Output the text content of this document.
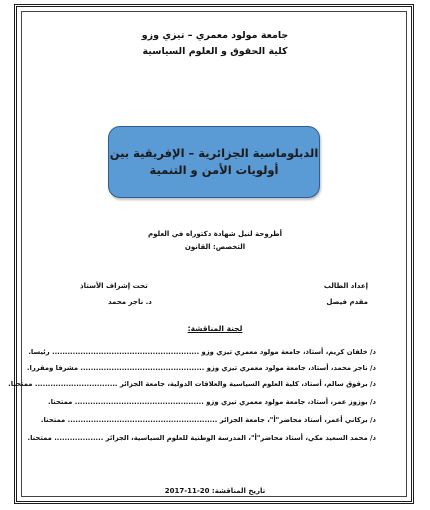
جامعة مولود معمري – تيزي وزو
كلية الحقوق و العلوم السياسية
الدبلوماسية الجزائرية – الإفريقية بين
أولويات الأمن و التنمية
أطروحة لنيل شهادة دكتوراه في العلوم
التخصص: القانون
إعداد الطالب
مقدم فيصل
تحت إشراف الأستاذ
د. ناجر محمد
لجنة المناقشة:
د/ خلفان كريم، أستاذ، جامعة مولود معمري تيزي وزو ......................................................... رئيسا.
د/ ناجر محمد، أستاذ، جامعة مولود معمري تيزي وزو ................................................ مشرفا ومقررا.
د/ برقوق سالم، أستاذ، كلية العلوم السياسية والعلاقات الدولية، جامعة الجزائر ................................ ممتحنا.
د/ بوزوز عمر، أستاذ، جامعة مولود معمري تيزي وزو .................................................. ممتحنا.
د/ بركاني أعمر، أستاذ محاضر"أ"، جامعة الجزائر .......................................................... ممتحنا.
د/ محمد السعيد مكي، أستاذ محاضر"أ"، المدرسة الوطنية للعلوم السياسية، الجزائر ................... ممتحنا.
تاريخ المناقشة: 20-11-2017
